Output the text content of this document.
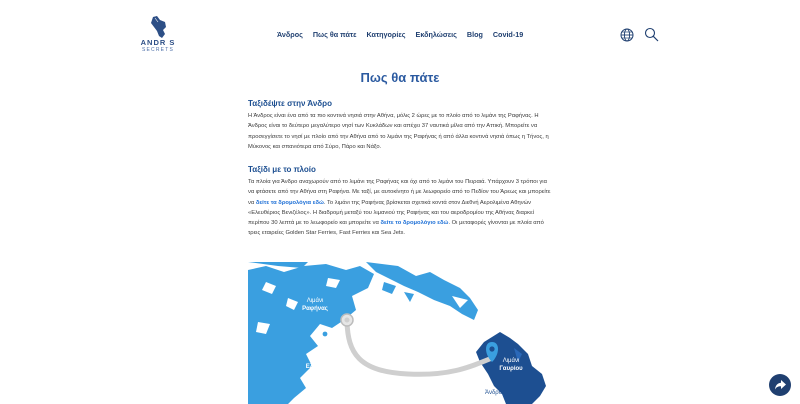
ANDR S
SECRETS
Άνδρος Πως θα πάτε Κατηγορίες Εκδηλώσεις Blog Covid-19
Πως θα πάτε
Ταξιδέψτε στην Άνδρο

Η Άνδρος είναι ένα από τα πιο κοντινά νησιά στην Αθήνα, μόλις 2 ώρες με το πλοίο από το λιμάνι της Ραφήνας. Η Άνδρος είναι το δεύτερο μεγαλύτερο νησί των Κυκλάδων και απέχει 37 ναυτικά μίλια από την Αττική. Μπορείτε να προσεγγίσετε το νησί με πλοίο από την Αθήνα από το λιμάνι της Ραφήνας ή από άλλα κοντινά νησιά όπως η Τήνος, η Μύκονος και σπανιότερα από Σύρο, Πάρο και Νάξο.

Ταξίδι με το πλοίο

Τα πλοία για Άνδρο αναχωρούν από το λιμάνι της Ραφήνας και όχι από το λιμάνι του Πειραιά. Υπάρχουν 3 τρόποι για να φτάσετε από την Αθήνα στη Ραφήνα. Με ταξί, με αυτοκίνητο ή με λεωφορείο από το Πεδίον του Άρεως και μπορείτε να δείτε τα δρομολόγια εδώ. Το λιμάνι της Ραφήνας βρίσκεται σχετικά κοντά στον Διεθνή Αερολιμένα Αθηνών «Ελευθέριος Βενιζέλος». Η διαδρομή μεταξύ του λιμανιού της Ραφήνας και του αεροδρομίου της Αθήνας διαρκεί περίπου 30 λεπτά με το λεωφορείο και μπορείτε να δείτε το δρομολόγιο εδώ. Οι μεταφορές γίνονται με πλοία από τρεις εταιρείες Golden Star Ferries, Fast Ferries και Sea Jets.

Λιμάνι
Ραφήνας
Αεροδρόμιο
Ελ. Βενιζέλος
Λιμάνι
Γαυρίου
Άνδρος
